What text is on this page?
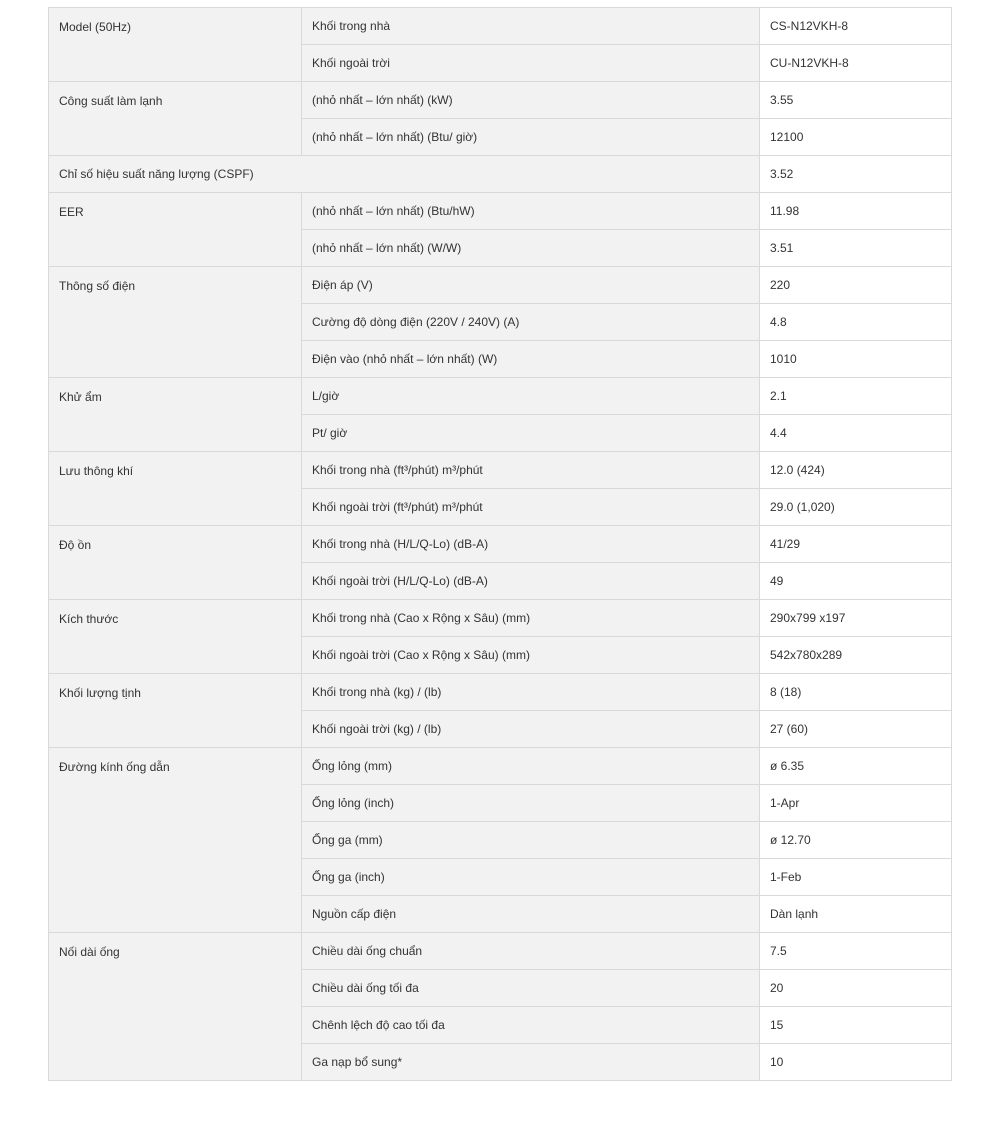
Model (50Hz)	Khối trong nhà	CS-N12VKH-8
	Khối ngoài trời	CU-N12VKH-8
Công suất làm lạnh	(nhỏ nhất – lớn nhất) (kW)	3.55
	(nhỏ nhất – lớn nhất) (Btu/ giờ)	12100
Chỉ số hiệu suất năng lượng (CSPF)		3.52
EER	(nhỏ nhất – lớn nhất) (Btu/hW)	11.98
	(nhỏ nhất – lớn nhất) (W/W)	3.51
Thông số điện	Điện áp (V)	220
	Cường độ dòng điện (220V / 240V) (A)	4.8
	Điện vào (nhỏ nhất – lớn nhất) (W)	1010
Khử ẩm	L/giờ	2.1
	Pt/ giờ	4.4
Lưu thông khí	Khối trong nhà (ft³/phút) m³/phút	12.0 (424)
	Khối ngoài trời (ft³/phút) m³/phút	29.0 (1,020)
Độ ồn	Khối trong nhà (H/L/Q-Lo) (dB-A)	41/29
	Khối ngoài trời (H/L/Q-Lo) (dB-A)	49
Kích thước	Khối trong nhà (Cao x Rộng x Sâu) (mm)	290x799 x197
	Khối ngoài trời (Cao x Rộng x Sâu) (mm)	542x780x289
Khối lượng tịnh	Khối trong nhà (kg) / (lb)	8 (18)
	Khối ngoài trời (kg) / (lb)	27 (60)
Đường kính ống dẫn	Ống lỏng (mm)	ø 6.35
	Ống lỏng (inch)	1-Apr
	Ống ga (mm)	ø 12.70
	Ống ga (inch)	1-Feb
	Nguồn cấp điện	Dàn lạnh
Nối dài ống	Chiều dài ống chuẩn	7.5
	Chiều dài ống tối đa	20
	Chênh lệch độ cao tối đa	15
	Ga nạp bổ sung*	10
